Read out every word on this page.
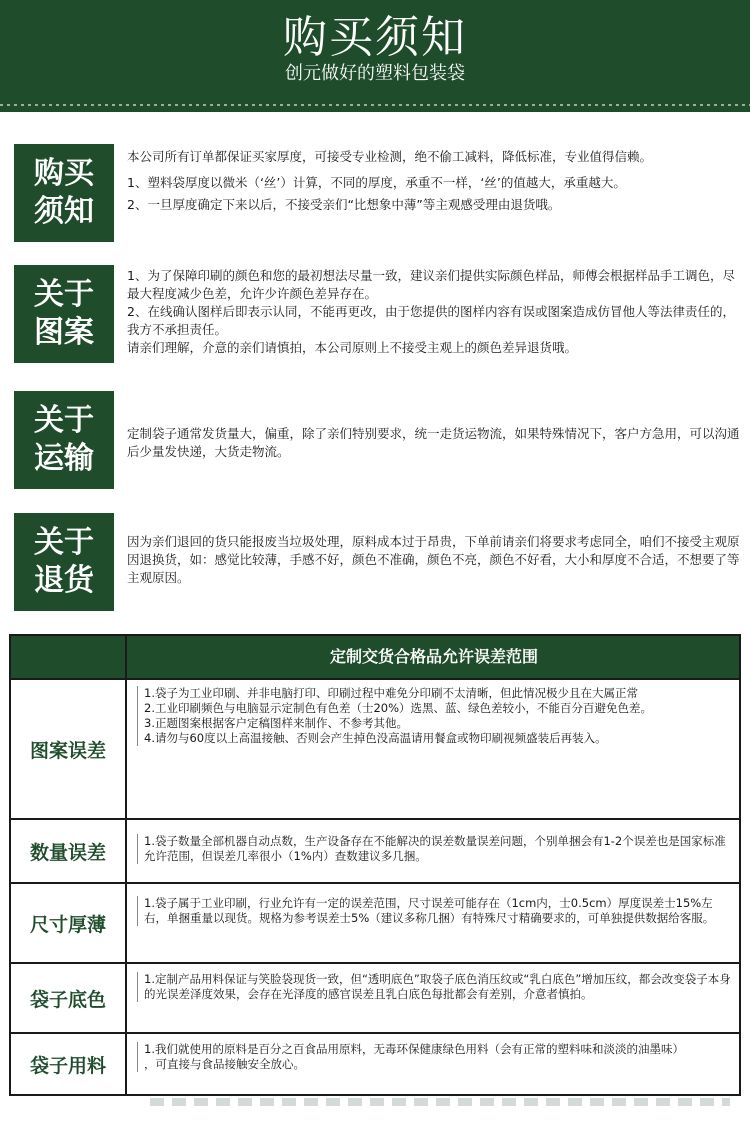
购买须知
创元做好的塑料包装袋
购买须知

本公司所有订单都保证买家厚度，可接受专业检测，绝不偷工减料，降低标准，专业值得信赖。

1、塑料袋厚度以微米（‘丝’）计算，不同的厚度，承重不一样，‘丝’的值越大，承重越大。

2、一旦厚度确定下来以后，不接受亲们“比想象中薄”等主观感受理由退货哦。

关于图案

1、为了保障印刷的颜色和您的最初想法尽量一致，建议亲们提供实际颜色样品，师傅会根据样品手工调色，尽最大程度减少色差，允许少许颜色差异存在。

2、在线确认图样后即表示认同，不能再更改，由于您提供的图样内容有误或图案造成仿冒他人等法律责任的，我方不承担责任。

请亲们理解，介意的亲们请慎拍，本公司原则上不接受主观上的颜色差异退货哦。

关于运输

定制袋子通常发货量大，偏重，除了亲们特别要求，统一走货运物流，如果特殊情况下，客户方急用，可以沟通后少量发快递，大货走物流。

关于退货

因为亲们退回的货只能报废当垃圾处理，原料成本过于昂贵，下单前请亲们将要求考虑同全，咱们不接受主观原因退换货，如：感觉比较薄，手感不好，颜色不准确，颜色不亮，颜色不好看，大小和厚度不合适，不想要了等主观原因。

定制交货合格品允许误差范围
图案误差

1.袋子为工业印刷、并非电脑打印、印刷过程中难免分印刷不太清晰，但此情况极少且在大属正常

2.工业印刷频色与电脑显示定制色有色差（士20%）选黑、蓝、绿色差较小，不能百分百避免色差。

3.正题图案根据客户定稿图样来制作、不参考其他。

4.请勿与60度以上高温接触、否则会产生掉色没高温请用餐盒或物印刷视频盛装后再装入。

数量误差

1.袋子数量全部机器自动点数，生产设备存在不能解决的误差数量误差问题，个别单捆会有1-2个误差也是国家标准允许范围，但误差几率很小（1%内）查数建议多几捆。

尺寸厚薄

1.袋子属于工业印刷，行业允许有一定的误差范围，尺寸误差可能存在（1cm内，士0.5cm）厚度误差士15%左右，单捆重量以现货。规格为参考误差士5%（建议多称几捆）有特殊尺寸精确要求的，可单独提供数据给客服。

袋子底色

1.定制产品用料保证与笑脸袋现货一致，但“透明底色”取袋子底色消压纹或“乳白底色”增加压纹，都会改变袋子本身的光误差泽度效果，会存在光泽度的感官误差且乳白底色每批都会有差别，介意者慎拍。

袋子用料

1.我们就使用的原料是百分之百食品用原料，无毒环保健康绿色用料（会有正常的塑料味和淡淡的油墨味）

，可直接与食品接触安全放心。
